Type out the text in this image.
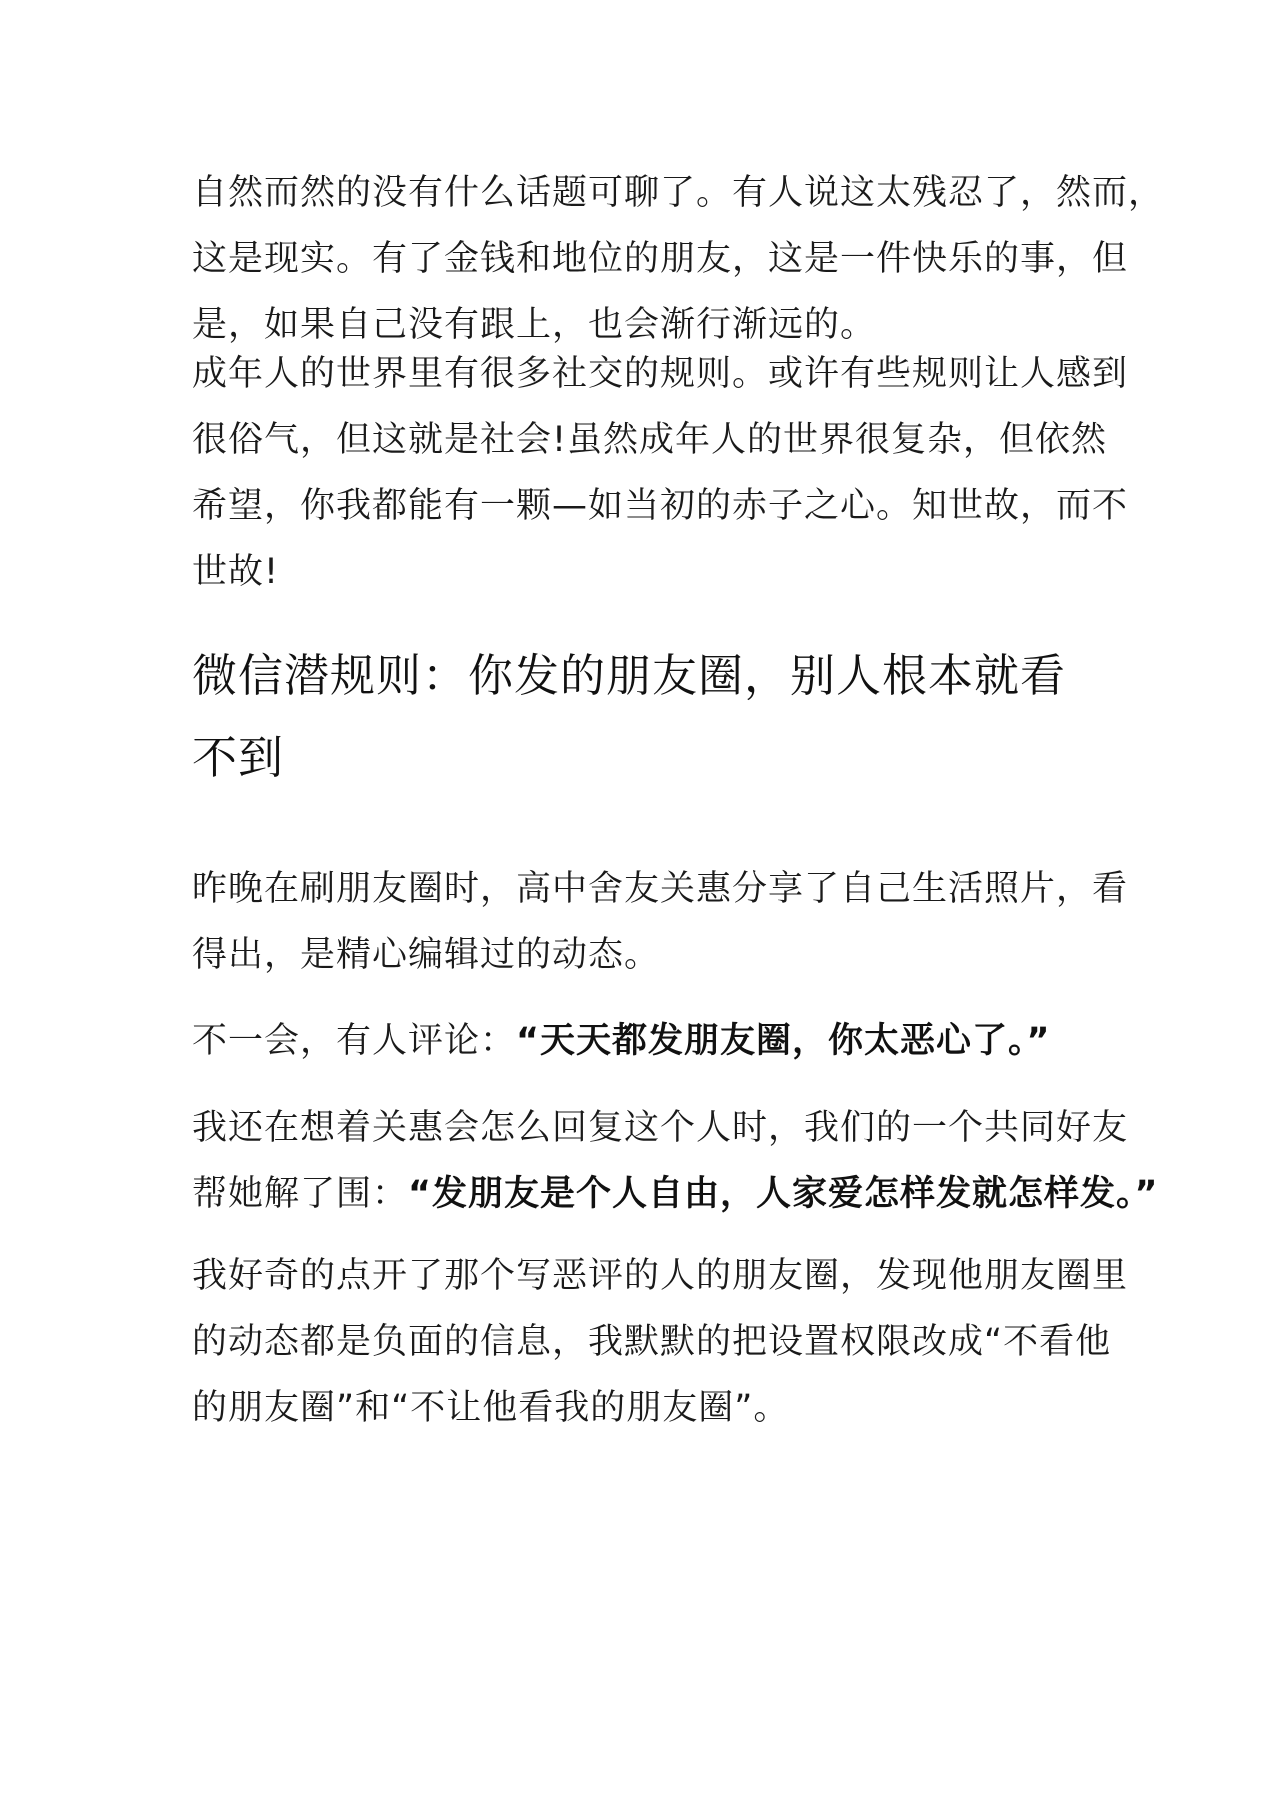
自然而然的没有什么话题可聊了。有人说这太残忍了，然而，
这是现实。有了金钱和地位的朋友，这是一件快乐的事，但
是，如果自己没有跟上，也会渐行渐远的。

成年人的世界里有很多社交的规则。或许有些规则让人感到
很俗气，但这就是社会!虽然成年人的世界很复杂，但依然
希望，你我都能有一颗—如当初的赤子之心。知世故，而不
世故!

微信潜规则：你发的朋友圈，别人根本就看
不到

昨晚在刷朋友圈时，高中舍友关惠分享了自己生活照片，看
得出，是精心编辑过的动态。

不一会，有人评论：“天天都发朋友圈，你太恶心了。”

我还在想着关惠会怎么回复这个人时，我们的一个共同好友
帮她解了围：“发朋友是个人自由，人家爱怎样发就怎样发。”

我好奇的点开了那个写恶评的人的朋友圈，发现他朋友圈里
的动态都是负面的信息，我默默的把设置权限改成“不看他
的朋友圈”和“不让他看我的朋友圈”。
